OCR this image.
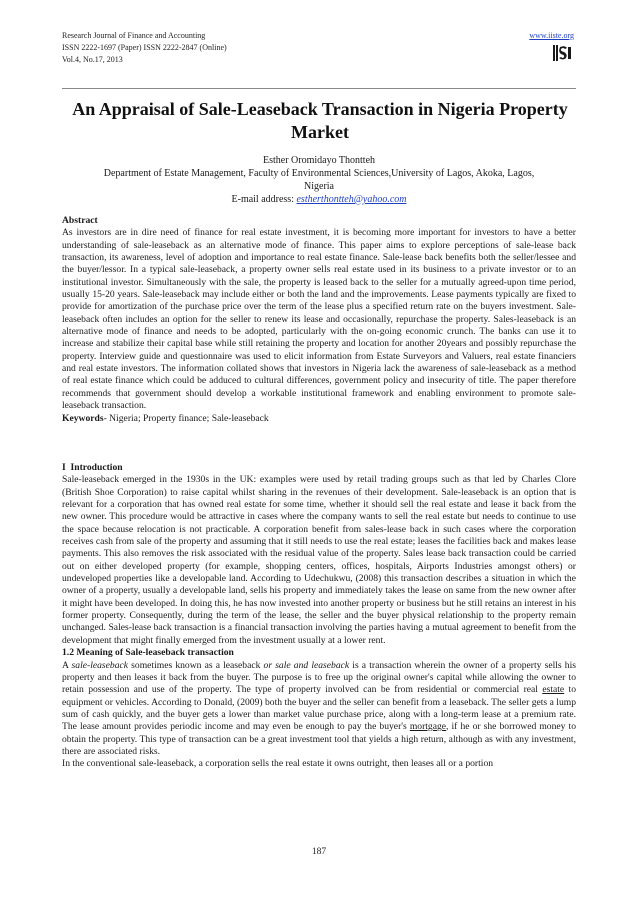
Research Journal of Finance and Accounting
ISSN 2222-1697 (Paper) ISSN 2222-2847 (Online)
Vol.4, No.17, 2013
www.iiste.org
An Appraisal of Sale-Leaseback Transaction in Nigeria Property Market
Esther Oromidayo Thontteh
Department of Estate Management, Faculty of Environmental Sciences,University of Lagos, Akoka, Lagos,
Nigeria
E-mail address: estherthontteh@yahoo.com

Abstract

As investors are in dire need of finance for real estate investment, it is becoming more important for investors to have a better understanding of sale-leaseback as an alternative mode of finance. This paper aims to explore perceptions of sale-lease back transaction, its awareness, level of adoption and importance to real estate finance. Sale-lease back benefits both the seller/lessee and the buyer/lessor. In a typical sale-leaseback, a property owner sells real estate used in its business to a private investor or to an institutional investor. Simultaneously with the sale, the property is leased back to the seller for a mutually agreed-upon time period, usually 15-20 years. Sale-leaseback may include either or both the land and the improvements. Lease payments typically are fixed to provide for amortization of the purchase price over the term of the lease plus a specified return rate on the buyers investment. Sale-leaseback often includes an option for the seller to renew its lease and occasionally, repurchase the property. Sales-leaseback is an alternative mode of finance and needs to be adopted, particularly with the on-going economic crunch. The banks can use it to increase and stabilize their capital base while still retaining the property and location for another 20years and possibly repurchase the property. Interview guide and questionnaire was used to elicit information from Estate Surveyors and Valuers, real estate financiers and real estate investors. The information collated shows that investors in Nigeria lack the awareness of sale-leaseback as a method of real estate finance which could be adduced to cultural differences, government policy and insecurity of title. The paper therefore recommends that government should develop a workable institutional framework and enabling environment to promote sale-leaseback transaction.

Keywords- Nigeria; Property finance; Sale-leaseback

I Introduction

Sale-leaseback emerged in the 1930s in the UK: examples were used by retail trading groups such as that led by Charles Clore (British Shoe Corporation) to raise capital whilst sharing in the revenues of their development. Sale-leaseback is an option that is relevant for a corporation that has owned real estate for some time, whether it should sell the real estate and lease it back from the new owner. This procedure would be attractive in cases where the company wants to sell the real estate but needs to continue to use the space because relocation is not practicable. A corporation benefit from sales-lease back in such cases where the corporation receives cash from sale of the property and assuming that it still needs to use the real estate; leases the facilities back and makes lease payments. This also removes the risk associated with the residual value of the property. Sales lease back transaction could be carried out on either developed property (for example, shopping centers, offices, hospitals, Airports Industries amongst others) or undeveloped properties like a developable land. According to Udechukwu, (2008) this transaction describes a situation in which the owner of a property, usually a developable land, sells his property and immediately takes the lease on same from the new owner after it might have been developed. In doing this, he has now invested into another property or business but he still retains an interest in his former property. Consequently, during the term of the lease, the seller and the buyer physical relationship to the property remain unchanged. Sales-lease back transaction is a financial transaction involving the parties having a mutual agreement to benefit from the development that might finally emerged from the investment usually at a lower rent.

1.2 Meaning of Sale-leaseback transaction

A sale-leaseback sometimes known as a leaseback or sale and leaseback is a transaction wherein the owner of a property sells his property and then leases it back from the buyer. The purpose is to free up the original owner's capital while allowing the owner to retain possession and use of the property. The type of property involved can be from residential or commercial real estate to equipment or vehicles. According to Donald, (2009) both the buyer and the seller can benefit from a leaseback. The seller gets a lump sum of cash quickly, and the buyer gets a lower than market value purchase price, along with a long-term lease at a premium rate. The lease amount provides periodic income and may even be enough to pay the buyer's mortgage, if he or she borrowed money to obtain the property. This type of transaction can be a great investment tool that yields a high return, although as with any investment, there are associated risks.

In the conventional sale-leaseback, a corporation sells the real estate it owns outright, then leases all or a portion

187
